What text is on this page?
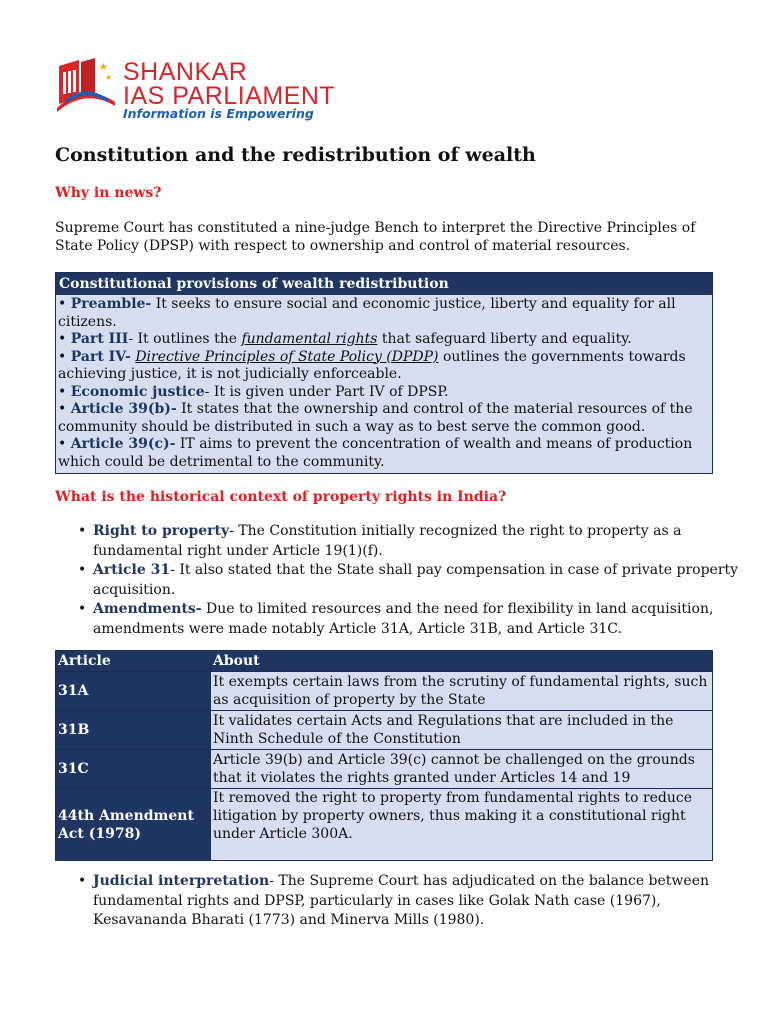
★
★ SHANKAR
IAS PARLIAMENT
Information is Empowering
Constitution and the redistribution of wealth
Why in news?

Supreme Court has constituted a nine-judge Bench to interpret the Directive Principles of State Policy (DPSP) with respect to ownership and control of material resources.

Constitutional provisions of wealth redistribution

• Preamble- It seeks to ensure social and economic justice, liberty and equality for all citizens.

• Part III- It outlines the fundamental rights that safeguard liberty and equality.

• Part IV- Directive Principles of State Policy (DPDP) outlines the governments towards achieving justice, it is not judicially enforceable.

• Economic justice- It is given under Part IV of DPSP.

• Article 39(b)- It states that the ownership and control of the material resources of the community should be distributed in such a way as to best serve the common good.

• Article 39(c)- IT aims to prevent the concentration of wealth and means of production which could be detrimental to the community.

What is the historical context of property rights in India?
• Right to property- The Constitution initially recognized the right to property as a fundamental right under Article 19(1)(f).
• Article 31- It also stated that the State shall pay compensation in case of private property acquisition.
• Amendments- Due to limited resources and the need for flexibility in land acquisition, amendments were made notably Article 31A, Article 31B, and Article 31C.
Article	About
31A	It exempts certain laws from the scrutiny of fundamental rights, such as acquisition of property by the State
31B	It validates certain Acts and Regulations that are included in the Ninth Schedule of the Constitution
31C	Article 39(b) and Article 39(c) cannot be challenged on the grounds that it violates the rights granted under Articles 14 and 19
44th Amendment Act (1978)	It removed the right to property from fundamental rights to reduce litigation by property owners, thus making it a constitutional right under Article 300A.
• Judicial interpretation- The Supreme Court has adjudicated on the balance between fundamental rights and DPSP, particularly in cases like Golak Nath case (1967), Kesavananda Bharati (1773) and Minerva Mills (1980).
